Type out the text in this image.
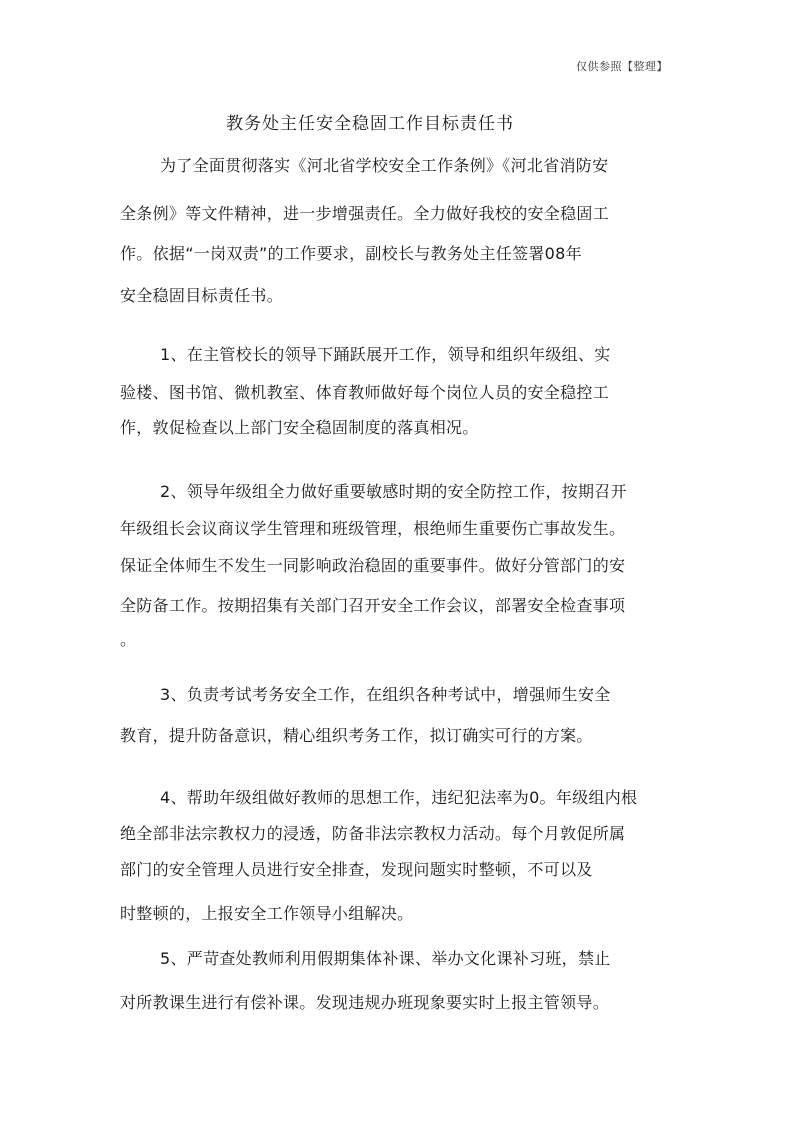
仅供参照【整理】
教务处主任安全稳固工作目标责任书
为了全面贯彻落实《河北省学校安全工作条例》《河北省消防安
全条例》等文件精神，进一步增强责任。全力做好我校的安全稳固工
作。依据“一岗双责”的工作要求，副校长与教务处主任签署08年
安全稳固目标责任书。
1、在主管校长的领导下踊跃展开工作，领导和组织年级组、实
验楼、图书馆、微机教室、体育教师做好每个岗位人员的安全稳控工
作，敦促检查以上部门安全稳固制度的落真相况。
2、领导年级组全力做好重要敏感时期的安全防控工作，按期召开
年级组长会议商议学生管理和班级管理，根绝师生重要伤亡事故发生。
保证全体师生不发生一同影响政治稳固的重要事件。做好分管部门的安
全防备工作。按期招集有关部门召开安全工作会议，部署安全检查事项
。
3、负责考试考务安全工作，在组织各种考试中，增强师生安全
教育，提升防备意识，精心组织考务工作，拟订确实可行的方案。
4、帮助年级组做好教师的思想工作，违纪犯法率为0。年级组内根
绝全部非法宗教权力的浸透，防备非法宗教权力活动。每个月敦促所属
部门的安全管理人员进行安全排查，发现问题实时整顿，不可以及
时整顿的，上报安全工作领导小组解决。
5、严苛查处教师利用假期集体补课、举办文化课补习班，禁止
对所教课生进行有偿补课。发现违规办班现象要实时上报主管领导。
